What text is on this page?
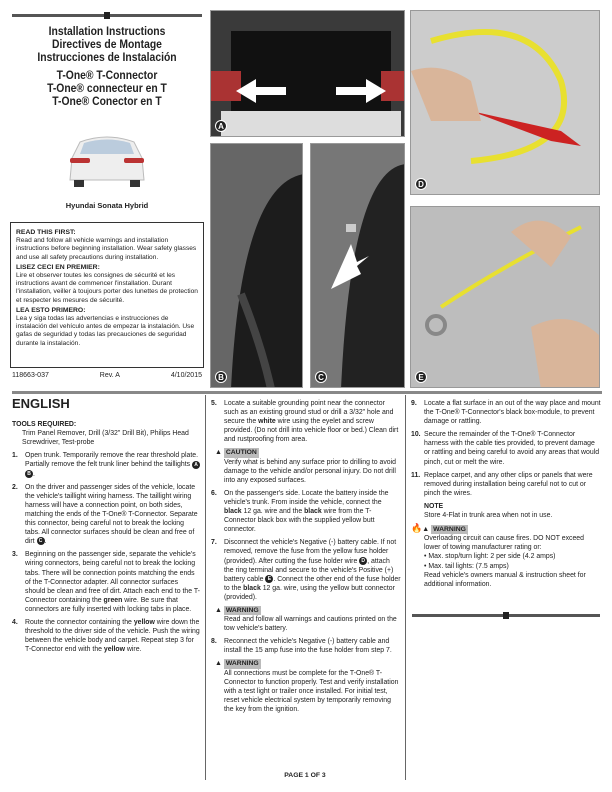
Installation Instructions
Directives de Montage
Instrucciones de Instalación
T-One® T-Connector
T-One® connecteur en T
T-One® Conector en T
Hyundai Sonata Hybrid
READ THIS FIRST:

Read and follow all vehicle warnings and installation instructions before beginning installation. Wear safety glasses and use all safety precautions during installation.

LISEZ CECI EN PREMIER:

Lire et observer toutes les consignes de sécurité et les instructions avant de commencer l'installation. Durant l'installation, veiller à toujours porter des lunettes de protection et respecter les mesures de sécurité.

LEA ESTO PRIMERO:

Lea y siga todas las advertencias e instrucciones de instalación del vehículo antes de empezar la instalación. Use gafas de seguridad y todas las precauciones de seguridad durante la instalación.

118663-037	Rev. A	4/10/2015
A
B	C
D
E
ENGLISH
TOOLS REQUIRED:
Trim Panel Remover, Drill (3/32" Drill Bit), Philips Head Screwdriver, Test-probe
1.	Open trunk. Temporarily remove the rear threshold plate. Partially remove the felt trunk liner behind the taillights AB .
2.	On the driver and passenger sides of the vehicle, locate the vehicle's taillight wiring harness. The taillight wiring harness will have a connection point, on both sides, matching the ends of the T-One® T-Connector. Separate this connector, being careful not to break the locking tabs. All connector surfaces should be clean and free of dirt C .
3.	Beginning on the passenger side, separate the vehicle's wiring connectors, being careful not to break the locking tabs. There will be connection points matching the ends of the T-Connector adapter. All connector surfaces should be clean and free of dirt. Attach each end to the T-Connector containing the green wire. Be sure that connectors are fully inserted with locking tabs in place.
4.	Route the connector containing the yellow wire down the threshold to the driver side of the vehicle. Push the wiring between the vehicle body and carpet. Repeat step 3 for T-Connector end with the yellow wire.
5.	Locate a suitable grounding point near the connector such as an existing ground stud or drill a 3/32" hole and secure the white wire using the eyelet and screw provided. (Do not drill into vehicle floor or bed.) Clean dirt and rustproofing from area.
▲ CAUTION
Verify what is behind any surface prior to drilling to avoid damage to the vehicle and/or personal injury. Do not drill into any exposed surfaces.
6.	On the passenger's side. Locate the battery inside the vehicle's trunk. From inside the vehicle, connect the black 12 ga. wire and the black wire from the T-Connector black box with the supplied yellow butt connector.
7.	Disconnect the vehicle's Negative (-) battery cable. If not removed, remove the fuse from the yellow fuse holder (provided). After cutting the fuse holder wire D , attach the ring terminal and secure to the vehicle's Positive (+) battery cable E . Connect the other end of the fuse holder to the black 12 ga. wire, using the yellow butt connector (provided).
▲ WARNING
Read and follow all warnings and cautions printed on the tow vehicle's battery.
8.	Reconnect the vehicle's Negative (-) battery cable and install the 15 amp fuse into the fuse holder from step 7.
▲ WARNING
All connections must be complete for the T-One® T-Connector to function properly. Test and verify installation with a test light or trailer once installed. For initial test, reset vehicle electrical system by temporarily removing the key from the ignition.
PAGE 1 OF 3
9.	Locate a flat surface in an out of the way place and mount the T-One® T-Connector's black box-module, to prevent damage or rattling.
10. Secure the remainder of the T-One® T-Connector harness with the cable ties provided, to prevent damage or rattling and being careful to avoid any areas that would pinch, cut or melt the wire.
11. Replace carpet, and any other clips or panels that were removed during installation being careful not to cut or pinch the wires.
NOTE
Store 4-Flat in trunk area when not in use.
🔥▲ WARNING
Overloading circuit can cause fires. DO NOT exceed lower of towing manufacturer rating or:
• Max. stop/turn light: 2 per side (4.2 amps)
• Max. tail lights: (7.5 amps)
Read vehicle's owners manual & instruction sheet for additional information.
